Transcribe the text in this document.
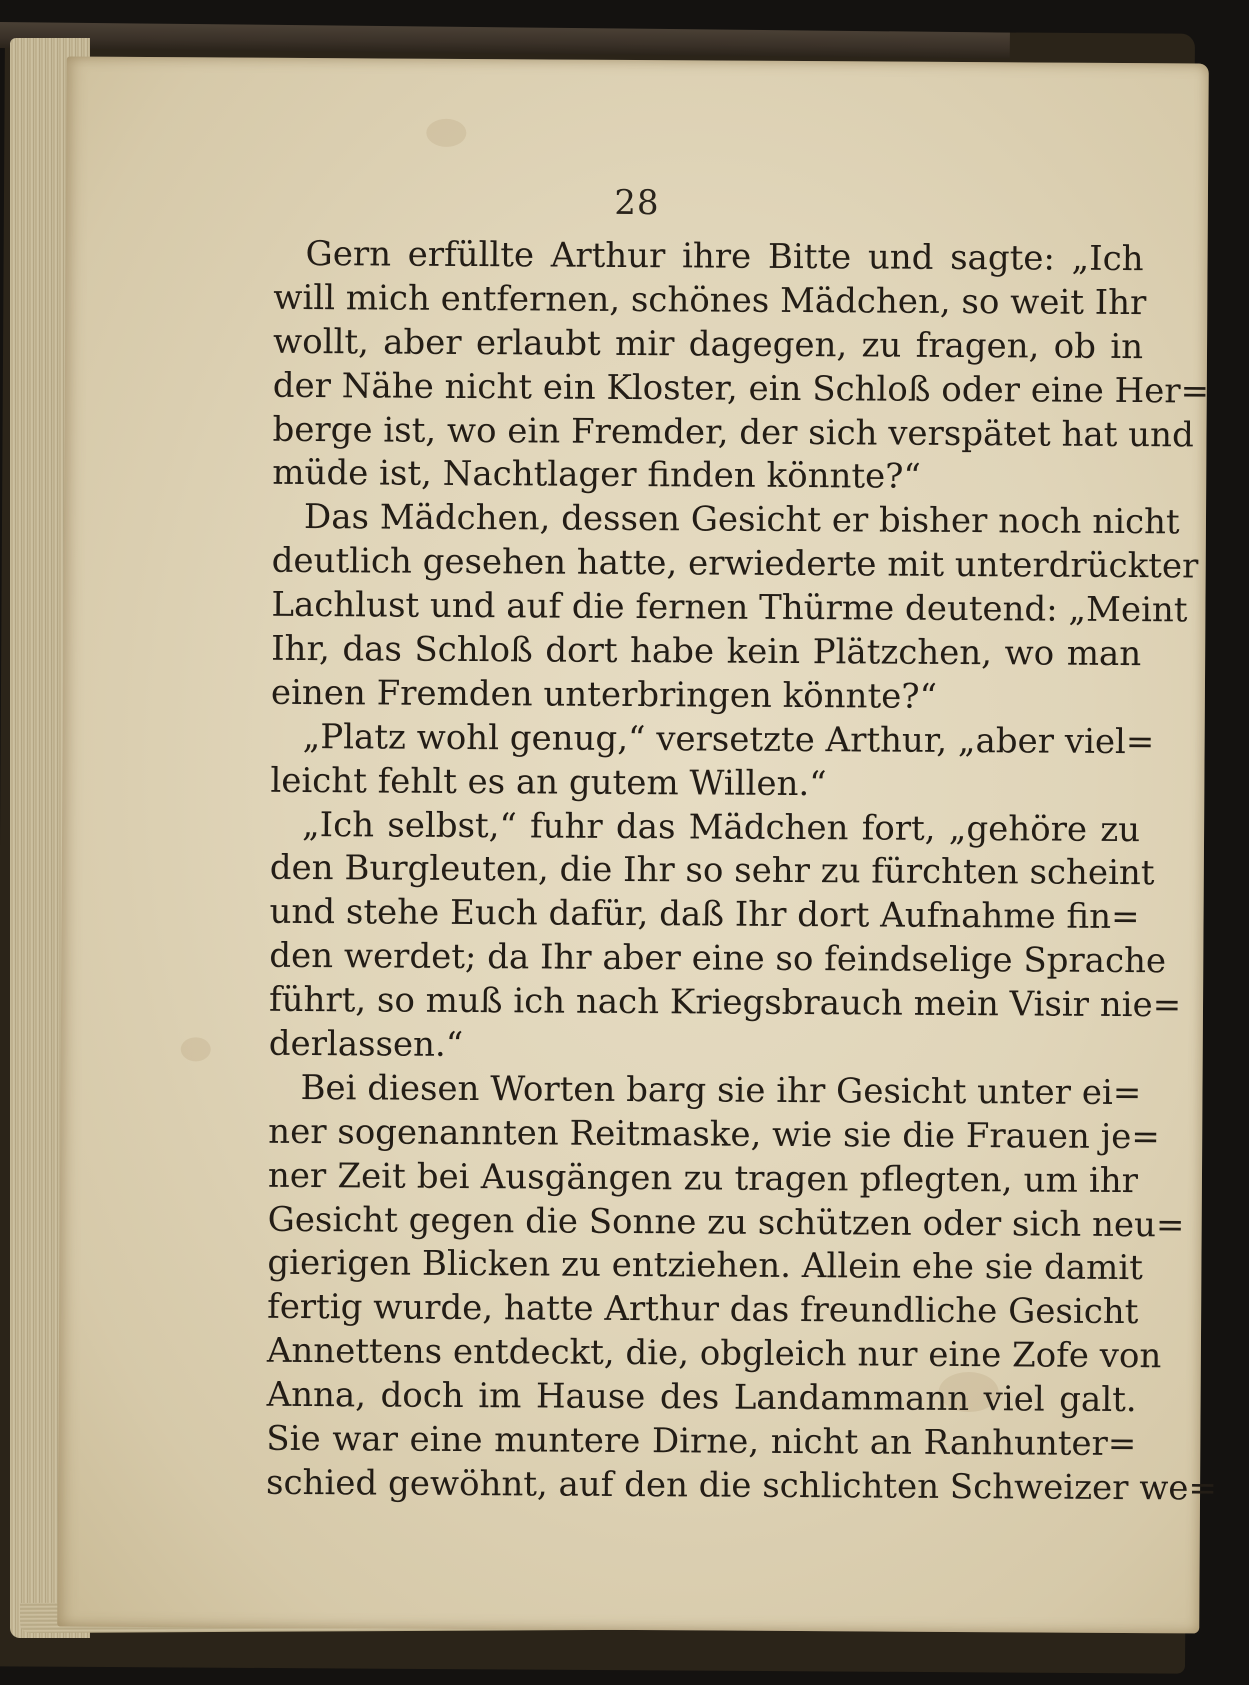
28
Gern erfüllte Arthur ihre Bitte und sagte: „Ich
will mich entfernen, schönes Mädchen, so weit Ihr
wollt, aber erlaubt mir dagegen, zu fragen, ob in
der Nähe nicht ein Kloster, ein Schloß oder eine Her=
berge ist, wo ein Fremder, der sich verspätet hat und
müde ist, Nachtlager finden könnte?“
Das Mädchen, dessen Gesicht er bisher noch nicht
deutlich gesehen hatte, erwiederte mit unterdrückter
Lachlust und auf die fernen Thürme deutend: „Meint
Ihr, das Schloß dort habe kein Plätzchen, wo man
einen Fremden unterbringen könnte?“
„Platz wohl genug,“ versetzte Arthur, „aber viel=
leicht fehlt es an gutem Willen.“
„Ich selbst,“ fuhr das Mädchen fort, „gehöre zu
den Burgleuten, die Ihr so sehr zu fürchten scheint
und stehe Euch dafür, daß Ihr dort Aufnahme fin=
den werdet; da Ihr aber eine so feindselige Sprache
führt, so muß ich nach Kriegsbrauch mein Visir nie=
derlassen.“
Bei diesen Worten barg sie ihr Gesicht unter ei=
ner sogenannten Reitmaske, wie sie die Frauen je=
ner Zeit bei Ausgängen zu tragen pflegten, um ihr
Gesicht gegen die Sonne zu schützen oder sich neu=
gierigen Blicken zu entziehen. Allein ehe sie damit
fertig wurde, hatte Arthur das freundliche Gesicht
Annettens entdeckt, die, obgleich nur eine Zofe von
Anna, doch im Hause des Landammann viel galt.
Sie war eine muntere Dirne, nicht an Ranhunter=
schied gewöhnt, auf den die schlichten Schweizer we=
